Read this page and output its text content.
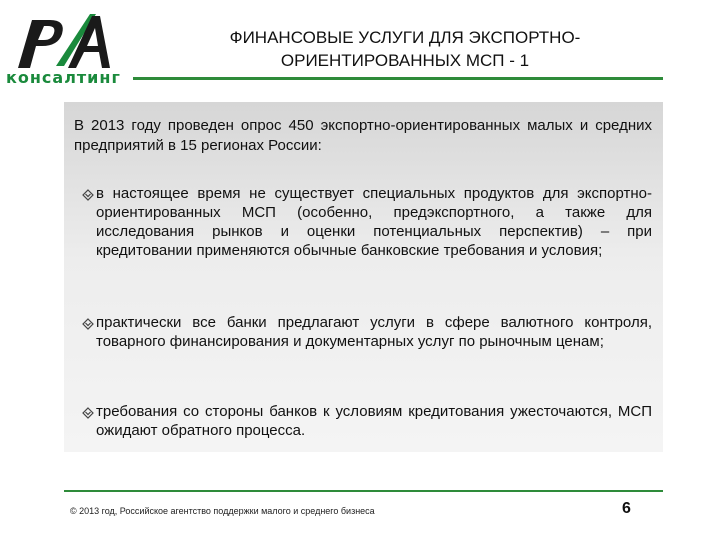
консалтинг
ФИНАНСОВЫЕ УСЛУГИ ДЛЯ ЭКСПОРТНО-ОРИЕНТИРОВАННЫХ МСП - 1
В 2013 году проведен опрос 450 экспортно-ориентированных малых и средних предприятий в 15 регионах России:
в настоящее время не существует специальных продуктов для экспортно-ориентированных МСП (особенно, предэкспортного, а также для исследования рынков и оценки потенциальных перспектив) – при кредитовании применяются обычные банковские требования и условия;
практически все банки предлагают услуги в сфере валютного контроля, товарного финансирования и документарных услуг по рыночным ценам;
требования со стороны банков к условиям кредитования ужесточаются, МСП ожидают обратного процесса.
© 2013 год, Российское агентство поддержки малого и среднего бизнеса	6
